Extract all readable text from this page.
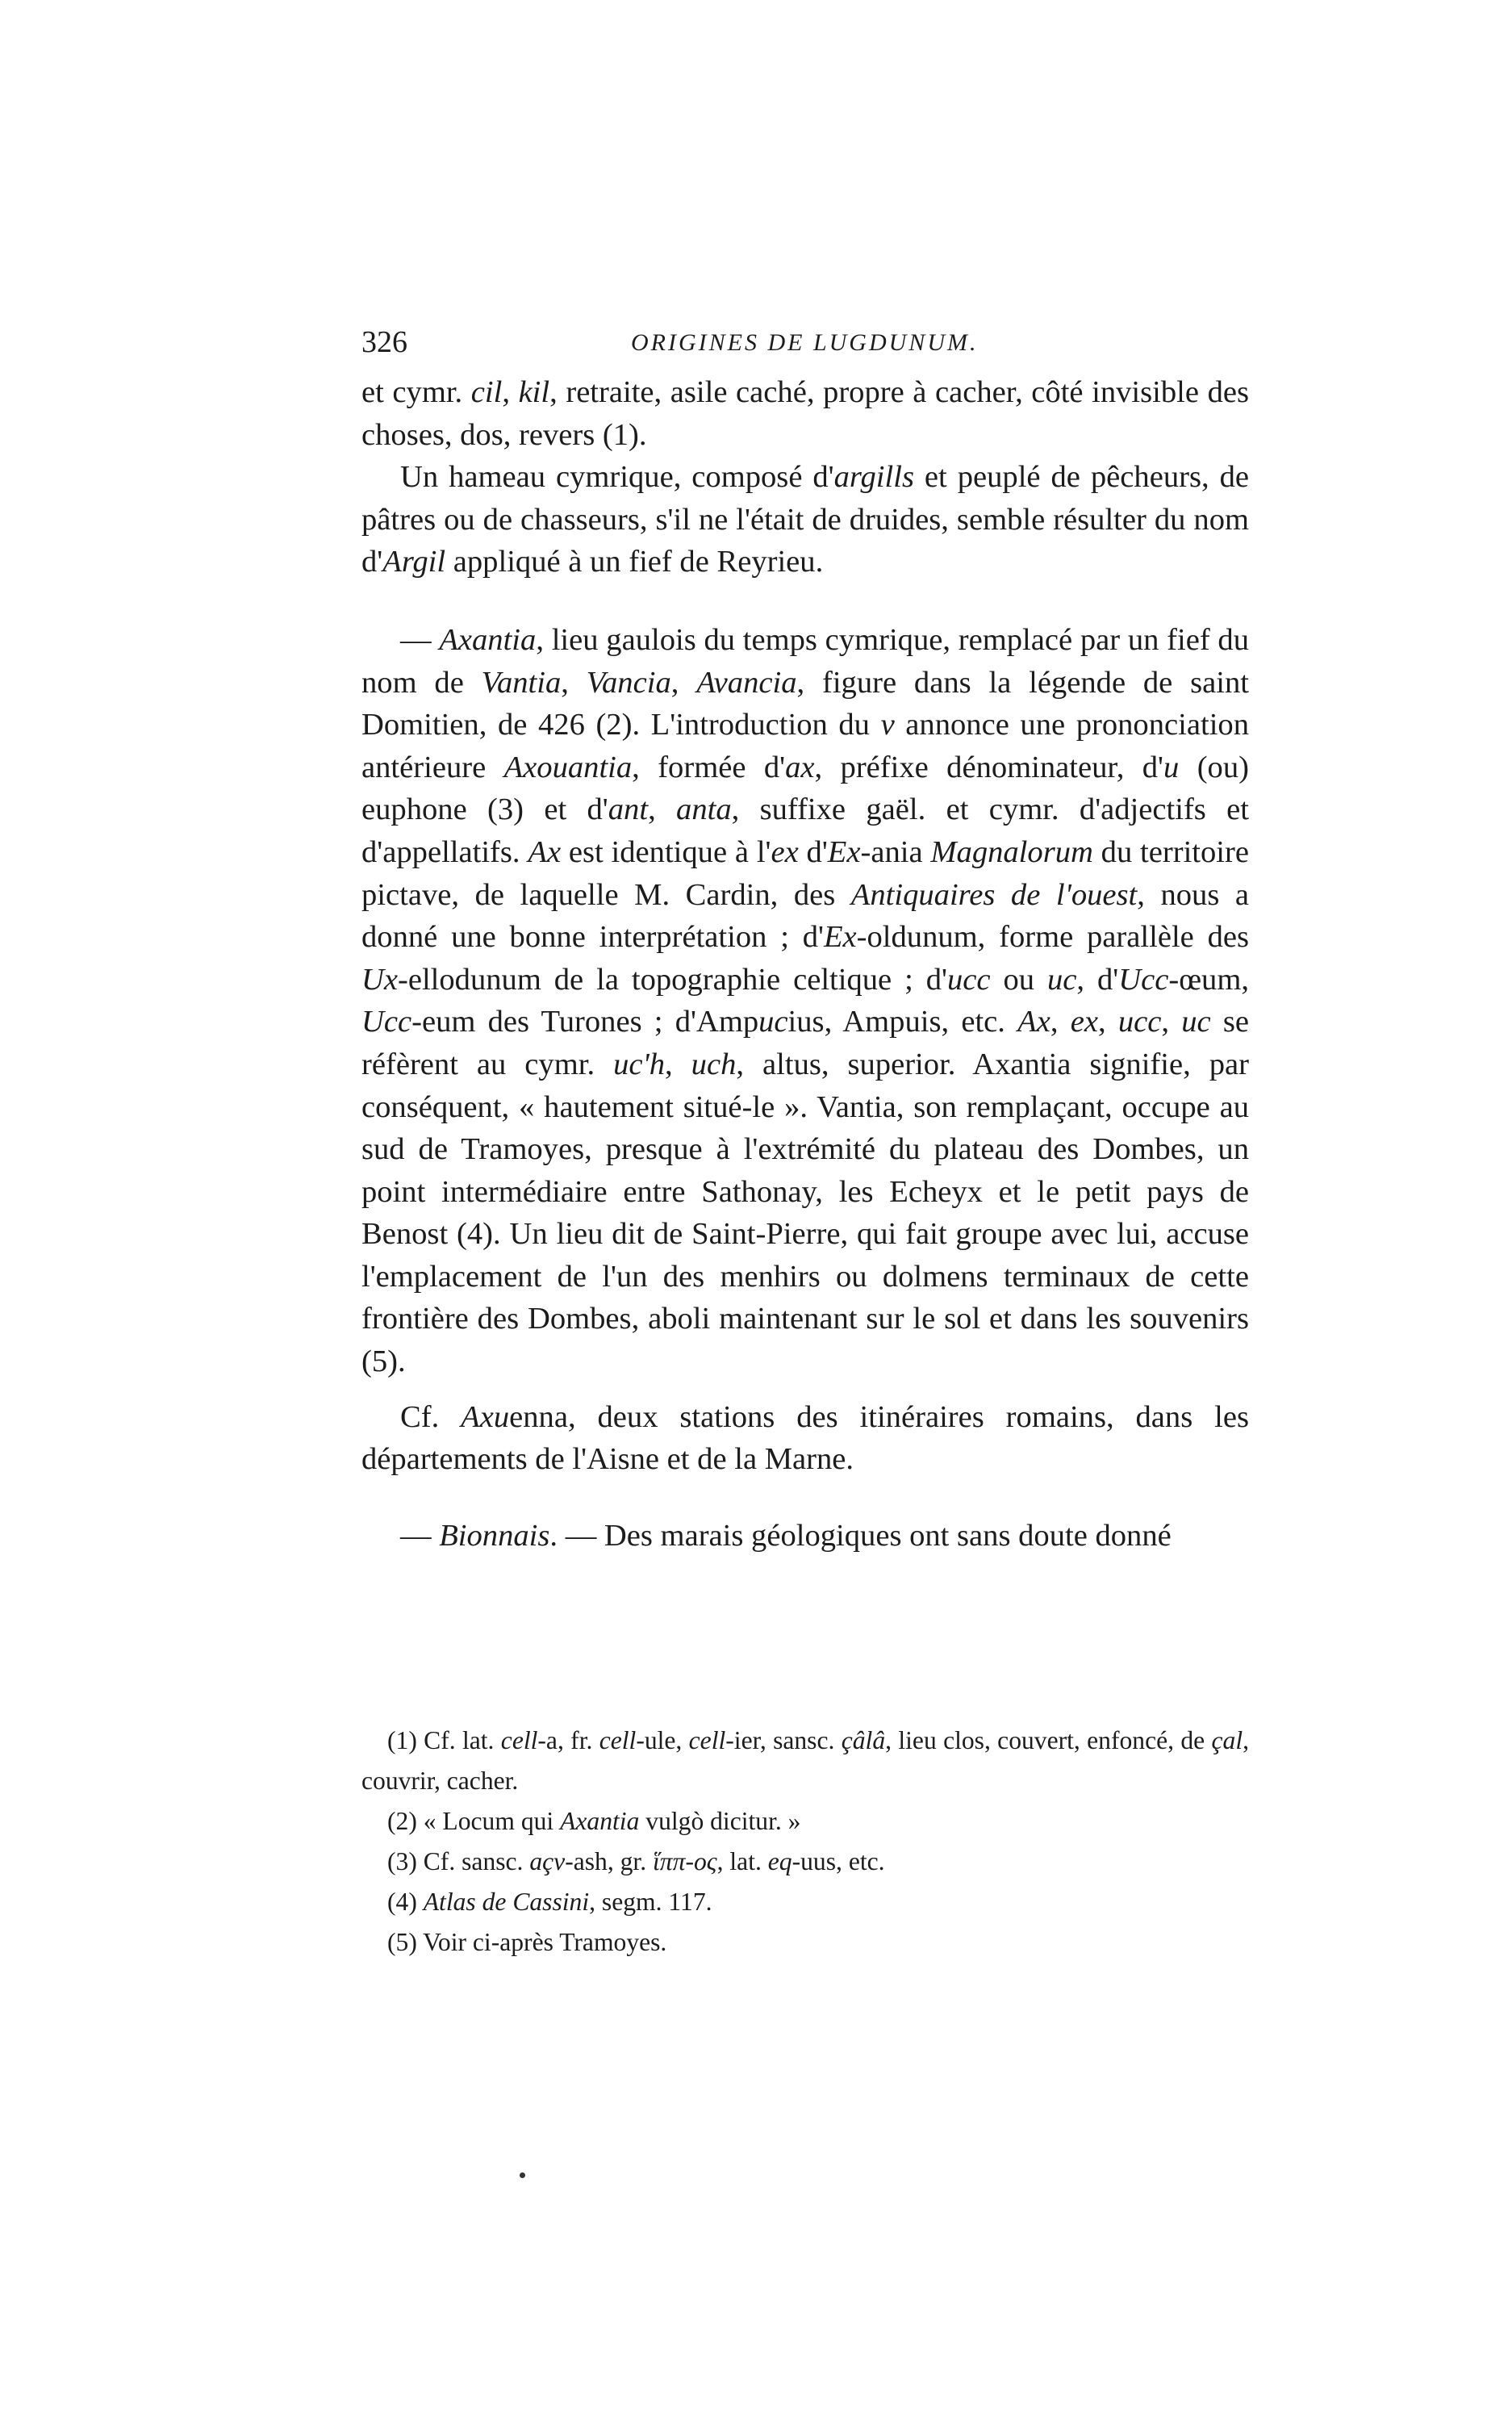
326	ORIGINES DE LUGDUNUM.

et cymr. cil, kil, retraite, asile caché, propre à cacher, côté invisible des choses, dos, revers (1).

Un hameau cymrique, composé d'argills et peuplé de pêcheurs, de pâtres ou de chasseurs, s'il ne l'était de druides, semble résulter du nom d'Argil appliqué à un fief de Reyrieu.

— Axantia, lieu gaulois du temps cymrique, remplacé par un fief du nom de Vantia, Vancia, Avancia, figure dans la légende de saint Domitien, de 426 (2). L'introduction du v annonce une prononciation antérieure Axouantia, formée d'ax, préfixe dénominateur, d'u (ou) euphone (3) et d'ant, anta, suffixe gaël. et cymr. d'adjectifs et d'appellatifs. Ax est identique à l'ex d'Ex-ania Magnalorum du territoire pictave, de laquelle M. Cardin, des Antiquaires de l'ouest, nous a donné une bonne interprétation ; d'Ex-oldunum, forme parallèle des Ux-ellodunum de la topographie celtique ; d'ucc ou uc, d'Ucc-œum, Ucc-eum des Turones ; d'Ampucius, Ampuis, etc. Ax, ex, ucc, uc se réfèrent au cymr. uc'h, uch, altus, superior. Axantia signifie, par conséquent, « hautement situé-le ». Vantia, son remplaçant, occupe au sud de Tramoyes, presque à l'extrémité du plateau des Dombes, un point intermédiaire entre Sathonay, les Echeyx et le petit pays de Benost (4). Un lieu dit de Saint-Pierre, qui fait groupe avec lui, accuse l'emplacement de l'un des menhirs ou dolmens terminaux de cette frontière des Dombes, aboli maintenant sur le sol et dans les souvenirs (5).

Cf. Axuenna, deux stations des itinéraires romains, dans les départements de l'Aisne et de la Marne.

— Bionnais. — Des marais géologiques ont sans doute donné

(1) Cf. lat. cell-a, fr. cell-ule, cell-ier, sansc. çâlâ, lieu clos, couvert, enfoncé, de çal, couvrir, cacher.

(2) « Locum qui Axantia vulgò dicitur. »

(3) Cf. sansc. açv-ash, gr. ἵππ-ος, lat. eq-uus, etc.

(4) Atlas de Cassini, segm. 117.

(5) Voir ci-après Tramoyes.
